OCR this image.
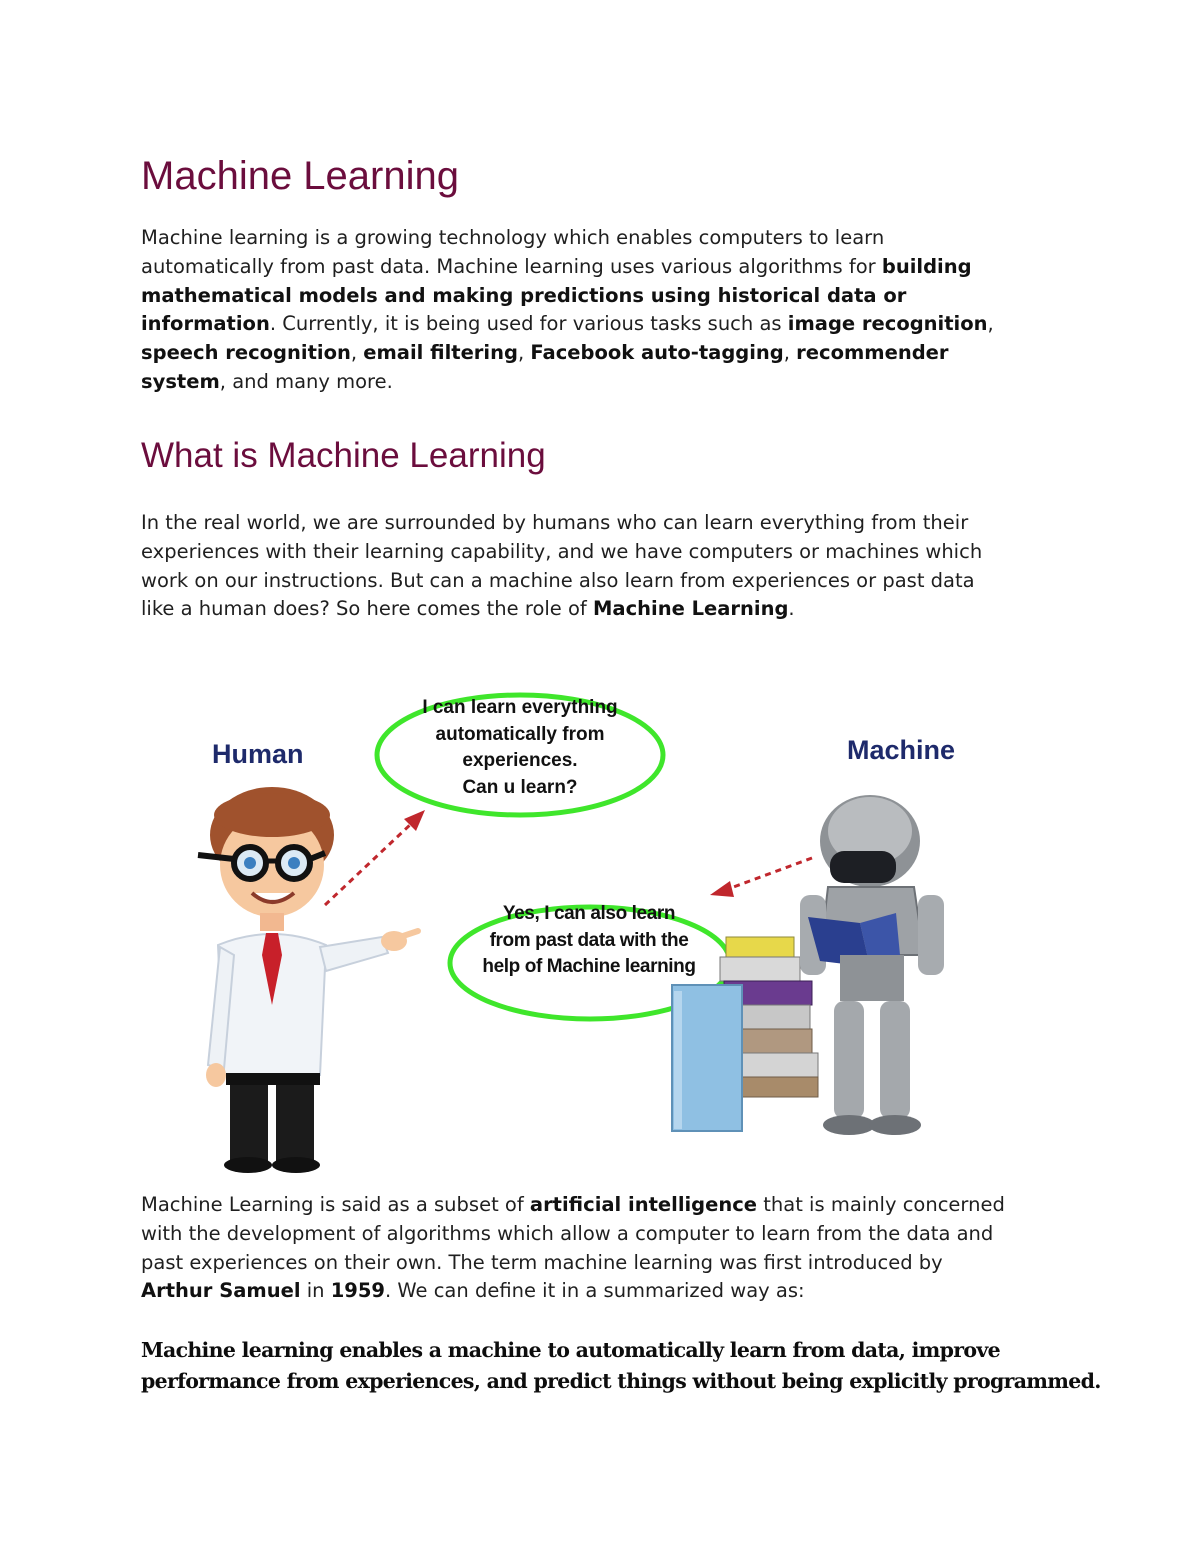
Machine Learning
Machine learning is a growing technology which enables computers to learn
automatically from past data. Machine learning uses various algorithms for building
mathematical models and making predictions using historical data or
information. Currently, it is being used for various tasks such as image recognition,
speech recognition, email filtering, Facebook auto-tagging, recommender
system, and many more.
What is Machine Learning
In the real world, we are surrounded by humans who can learn everything from their
experiences with their learning capability, and we have computers or machines which
work on our instructions. But can a machine also learn from experiences or past data
like a human does? So here comes the role of Machine Learning.
Human	Machine
I can learn everything
automatically from
experiences.
Can u learn?
Yes, I can also learn
from past data with the
help of Machine learning
Machine Learning is said as a subset of artificial intelligence that is mainly concerned
with the development of algorithms which allow a computer to learn from the data and
past experiences on their own. The term machine learning was first introduced by
Arthur Samuel in 1959. We can define it in a summarized way as:
Machine learning enables a machine to automatically learn from data, improve
performance from experiences, and predict things without being explicitly programmed.
